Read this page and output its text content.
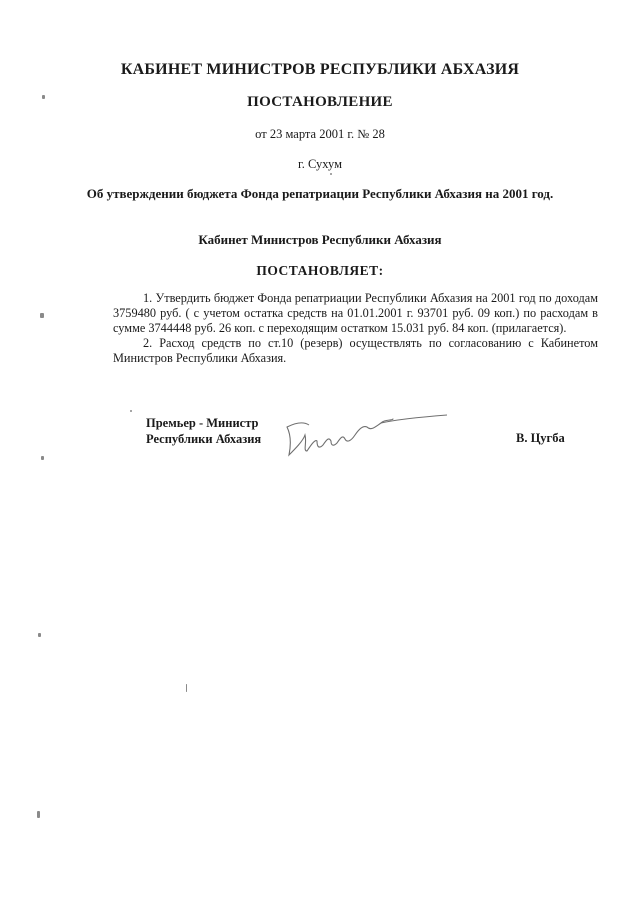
КАБИНЕТ МИНИСТРОВ РЕСПУБЛИКИ АБХАЗИЯ
ПОСТАНОВЛЕНИЕ
от 23 марта 2001 г. № 28
г. Сухум
Об утверждении бюджета Фонда репатриации Республики Абхазия на 2001 год.
Кабинет Министров Республики Абхазия
ПОСТАНОВЛЯЕТ:

1. Утвердить бюджет Фонда репатриации Республики Абхазия на 2001 год по доходам 3759480 руб. ( с учетом остатка средств на 01.01.2001 г. 93701 руб. 09 коп.) по расходам в сумме 3744448 руб. 26 коп. с переходящим остатком 15.031 руб. 84 коп. (прилагается).

2. Расход средств по ст.10 (резерв) осуществлять по согласованию с Кабинетом Министров Республики Абхазия.

Премьер - Министр
Республики Абхазия	В. Цугба
